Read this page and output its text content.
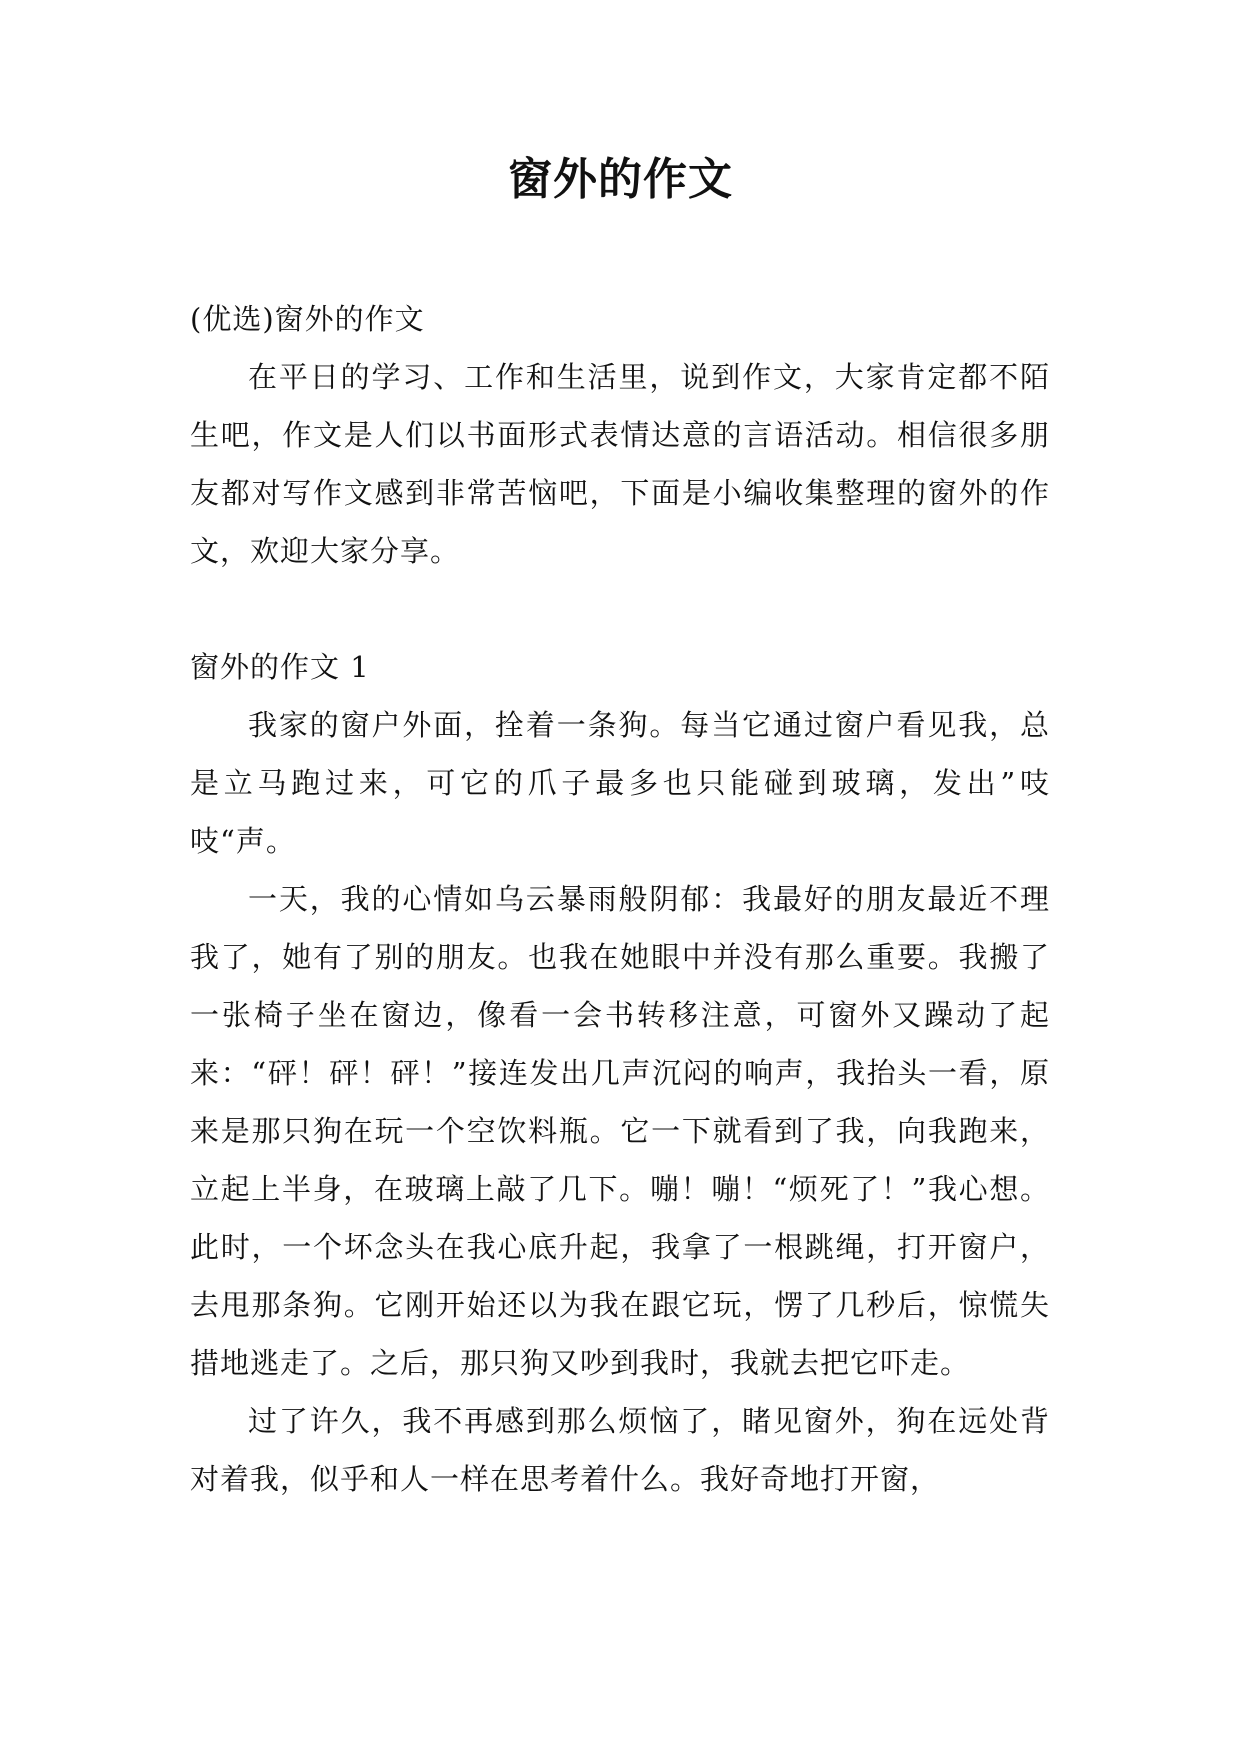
窗外的作文

(优选)窗外的作文

在平日的学习、工作和生活里，说到作文，大家肯定都不陌生吧，作文是人们以书面形式表情达意的言语活动。相信很多朋友都对写作文感到非常苦恼吧，下面是小编收集整理的窗外的作文，欢迎大家分享。

窗外的作文 1

我家的窗户外面，拴着一条狗。每当它通过窗户看见我，总是立马跑过来，可它的爪子最多也只能碰到玻璃，发出”吱吱“声。

一天，我的心情如乌云暴雨般阴郁：我最好的朋友最近不理我了，她有了别的朋友。也我在她眼中并没有那么重要。我搬了一张椅子坐在窗边，像看一会书转移注意，可窗外又躁动了起来：“砰！砰！砰！”接连发出几声沉闷的响声，我抬头一看，原来是那只狗在玩一个空饮料瓶。它一下就看到了我，向我跑来，立起上半身，在玻璃上敲了几下。嘣！嘣！“烦死了！”我心想。此时，一个坏念头在我心底升起，我拿了一根跳绳，打开窗户，去甩那条狗。它刚开始还以为我在跟它玩，愣了几秒后，惊慌失措地逃走了。之后，那只狗又吵到我时，我就去把它吓走。

过了许久，我不再感到那么烦恼了，睹见窗外，狗在远处背对着我，似乎和人一样在思考着什么。我好奇地打开窗，
